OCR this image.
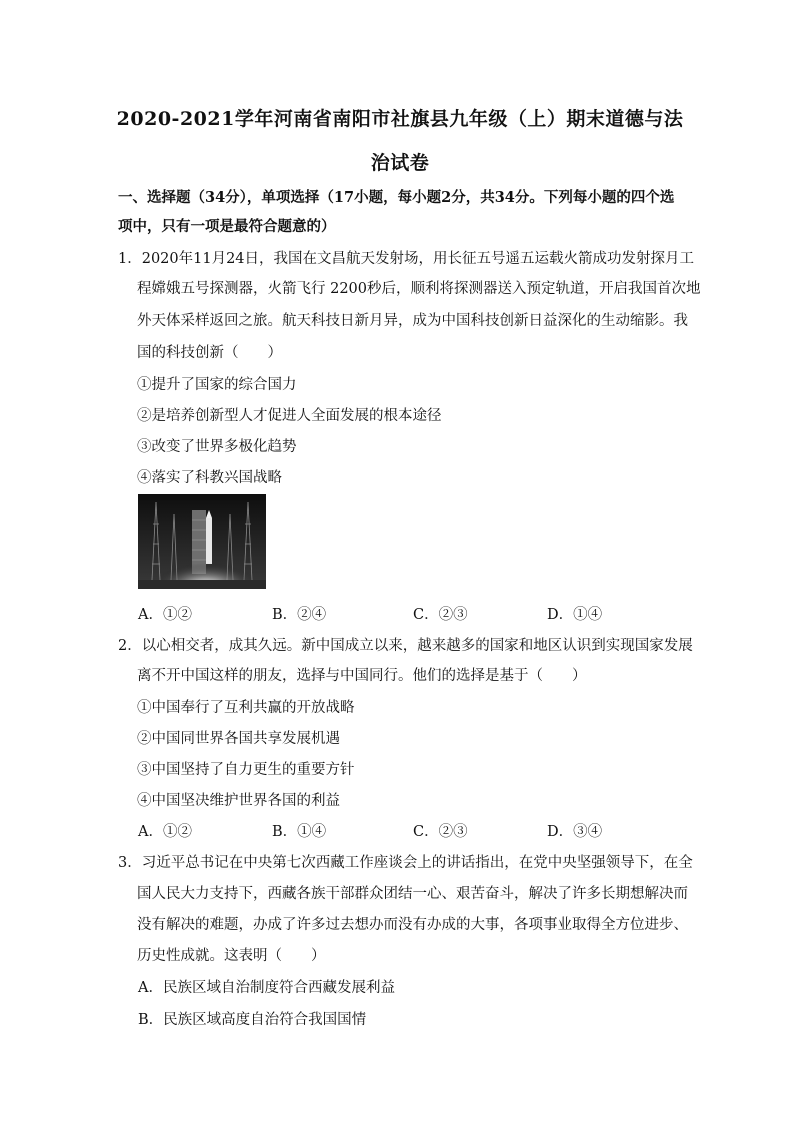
2020-2021学年河南省南阳市社旗县九年级（上）期末道德与法
治试卷
一、选择题（34分），单项选择（17小题，每小题2分，共34分。下列每小题的四个选
项中，只有一项是最符合题意的）
1．2020年11月24日，我国在文昌航天发射场，用长征五号遥五运载火箭成功发射探月工
程嫦娥五号探测器，火箭飞行 2200秒后，顺利将探测器送入预定轨道，开启我国首次地
外天体采样返回之旅。航天科技日新月异，成为中国科技创新日益深化的生动缩影。我
国的科技创新（　　）
①提升了国家的综合国力
②是培养创新型人才促进人全面发展的根本途径
③改变了世界多极化趋势
④落实了科教兴国战略
A．①②	B．②④	C．②③	D．①④
2．以心相交者，成其久远。新中国成立以来，越来越多的国家和地区认识到实现国家发展
离不开中国这样的朋友，选择与中国同行。他们的选择是基于（　　）
①中国奉行了互利共赢的开放战略
②中国同世界各国共享发展机遇
③中国坚持了自力更生的重要方针
④中国坚决维护世界各国的利益
A．①②	B．①④	C．②③	D．③④
3．习近平总书记在中央第七次西藏工作座谈会上的讲话指出，在党中央坚强领导下，在全
国人民大力支持下，西藏各族干部群众团结一心、艰苦奋斗，解决了许多长期想解决而
没有解决的难题，办成了许多过去想办而没有办成的大事，各项事业取得全方位进步、
历史性成就。这表明（　　）
A．民族区域自治制度符合西藏发展利益
B．民族区域高度自治符合我国国情
